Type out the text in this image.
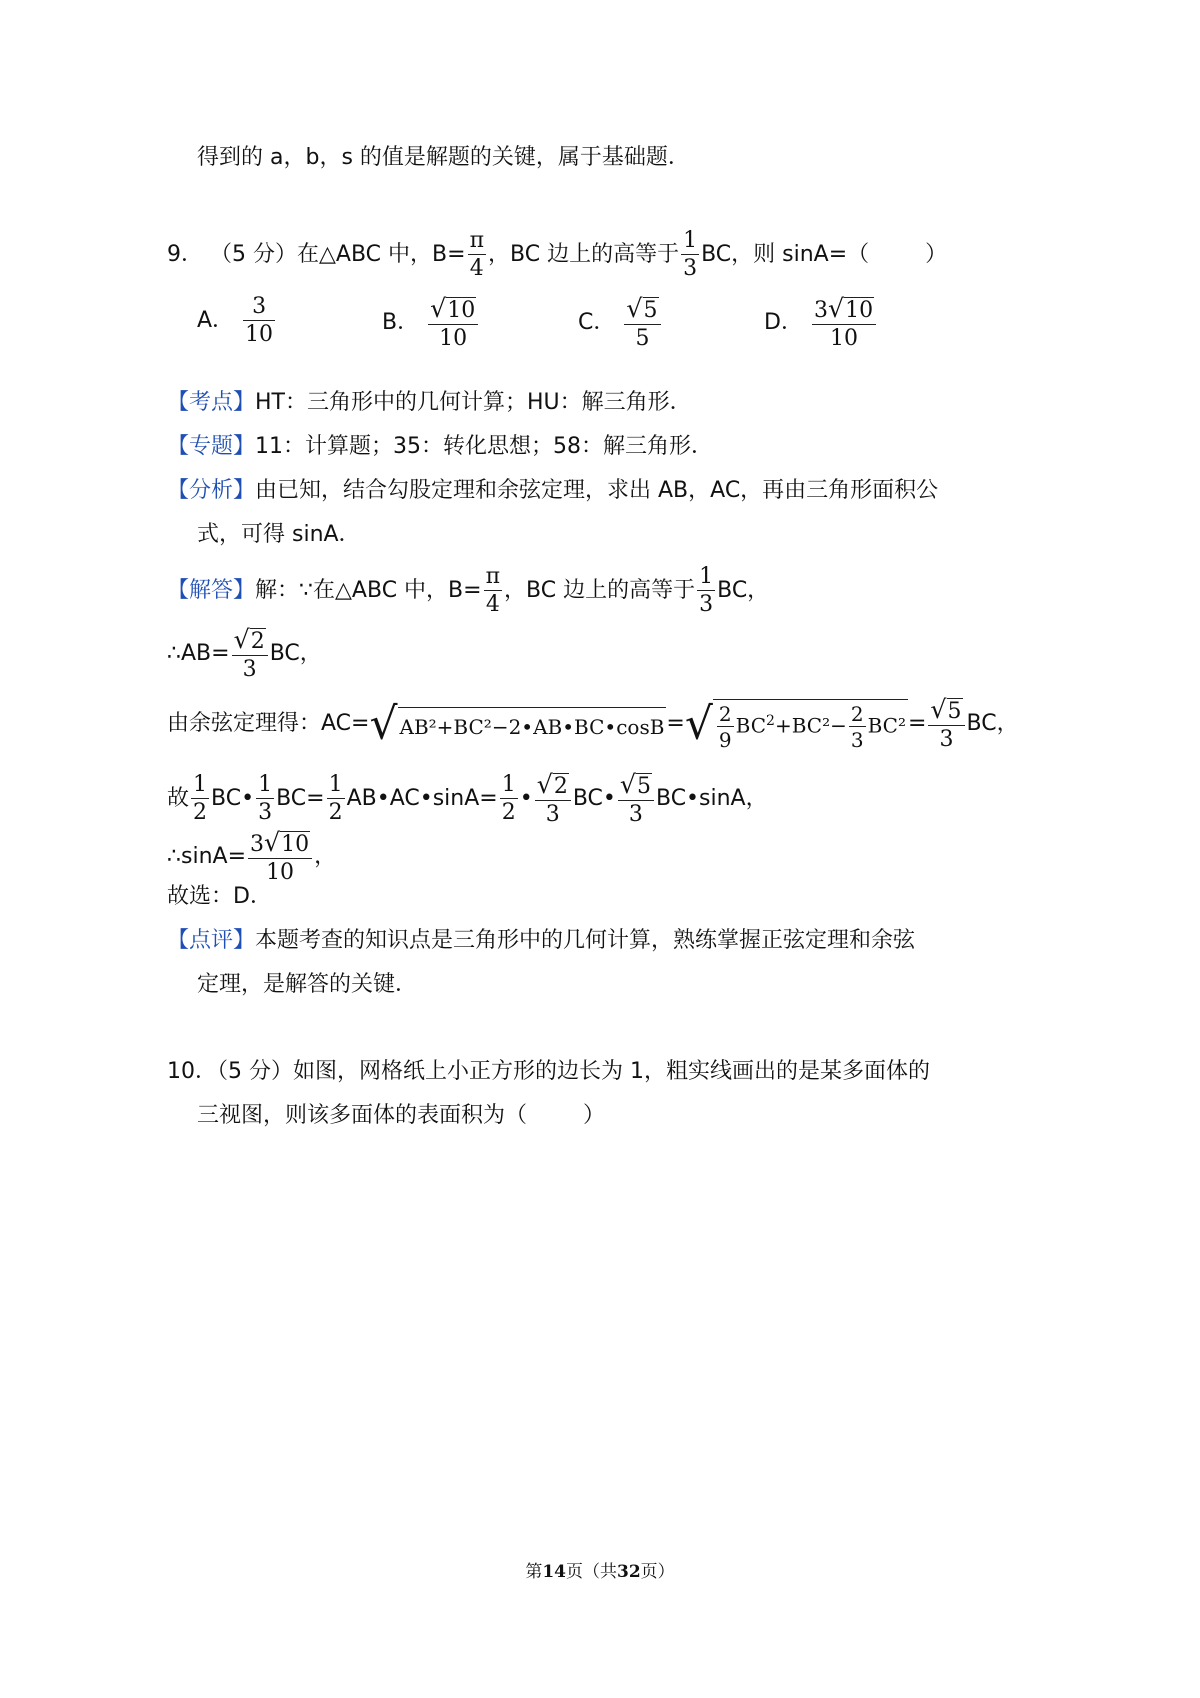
得到的 a，b，s 的值是解题的关键，属于基础题．
9． （5 分）在△ABC 中，$B= \frac{\pi}{4}$ ，BC 边上的高等于 $\frac{1}{3}$ BC，则 sinA=（	）
A． $\frac{3}{10}$	B． $\frac{√10}{10}$	C． $\frac{√5}{5}$	D． $\frac{3√10}{10}$
【考点】HT：三角形中的几何计算；HU：解三角形．
【专题】11：计算题；35：转化思想；58：解三角形．
【分析】由已知，结合勾股定理和余弦定理，求出 AB，AC，再由三角形面积公
式，可得 sinA．
【解答】解：∵在△ABC 中，$B= \frac{\pi}{4}$ ，BC 边上的高等于 $\frac{1}{3}$ BC，
∴AB= $\frac{√2}{3}$ BC，
由余弦定理得：AC=√ AB²+BC²−2•AB•BC•cosB=√ $\frac{2}{9} BC^2+BC^2- \frac{2}{3} BC^2= \frac{√5}{3}$ BC，
故 $\frac{1}{2}$ BC• $\frac{1}{3} BC= \frac{1}{2}$ AB•AC•sinA= $\frac{1}{2}$ • $\frac{√2}{3}$ BC• $\frac{√5}{3}$ BC•sinA，
∴sinA= $\frac{3√10}{10}$ ，
故选：D．
【点评】本题考查的知识点是三角形中的几何计算，熟练掌握正弦定理和余弦
定理，是解答的关键．
10．（5 分）如图，网格纸上小正方形的边长为 1，粗实线画出的是某多面体的
三视图，则该多面体的表面积为（	）
第14页（共32页）
